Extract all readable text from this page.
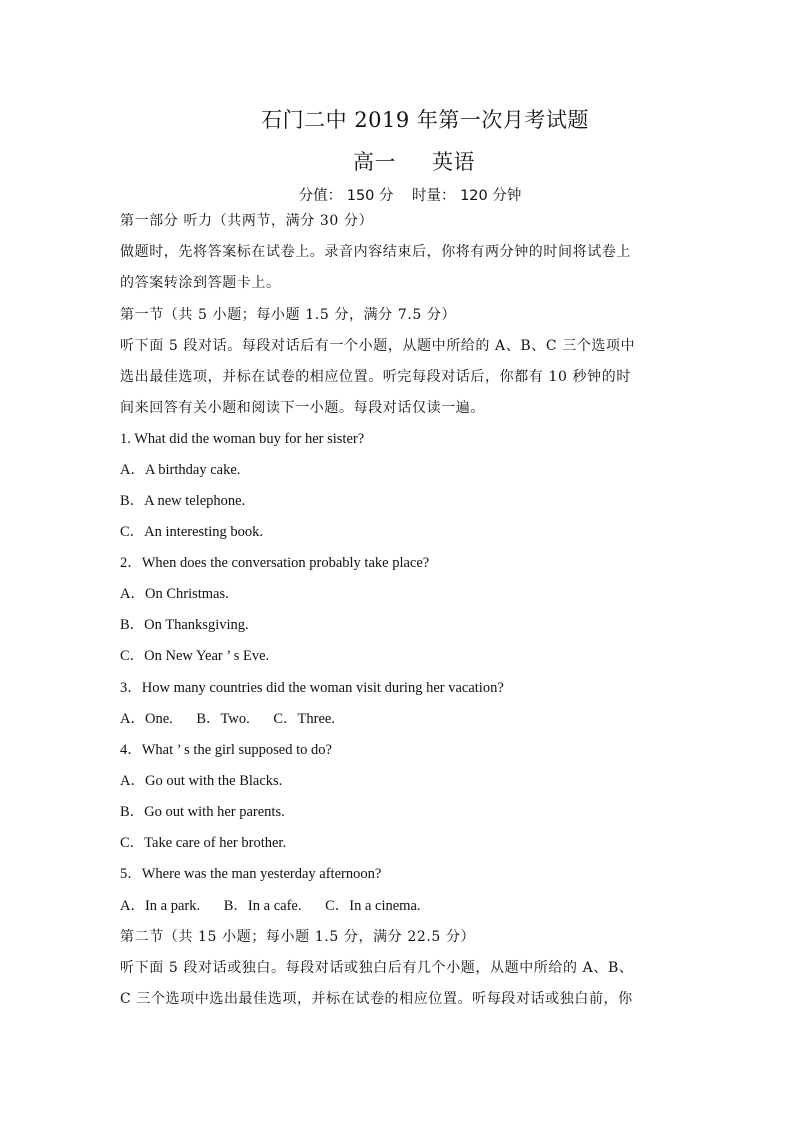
石门二中 2019 年第一次月考试题
高一 英语
分值： 150 分 时量： 120 分钟
第一部分 听力（共两节，满分 30 分）
做题时，先将答案标在试卷上。录音内容结束后，你将有两分钟的时间将试卷上
的答案转涂到答题卡上。
第一节（共 5 小题；每小题 1.5 分，满分 7.5 分）
听下面 5 段对话。每段对话后有一个小题，从题中所给的 A、B、C 三个选项中
选出最佳选项，并标在试卷的相应位置。听完每段对话后，你都有 10 秒钟的时
间来回答有关小题和阅读下一小题。每段对话仅读一遍。
1. What did the woman buy for her sister?
A．A birthday cake.
B．A new telephone.
C．An interesting book.
2．When does the conversation probably take place?
A．On Christmas.
B．On Thanksgiving.
C．On New Year ’ s Eve.
3．How many countries did the woman visit during her vacation?
A．One. B．Two. C．Three.
4．What ’ s the girl supposed to do?
A．Go out with the Blacks.
B．Go out with her parents.
C．Take care of her brother.
5．Where was the man yesterday afternoon?
A．In a park. B．In a cafe. C．In a cinema.
第二节（共 15 小题；每小题 1.5 分，满分 22.5 分）
听下面 5 段对话或独白。每段对话或独白后有几个小题，从题中所给的 A、B、
C 三个选项中选出最佳选项，并标在试卷的相应位置。听每段对话或独白前，你
